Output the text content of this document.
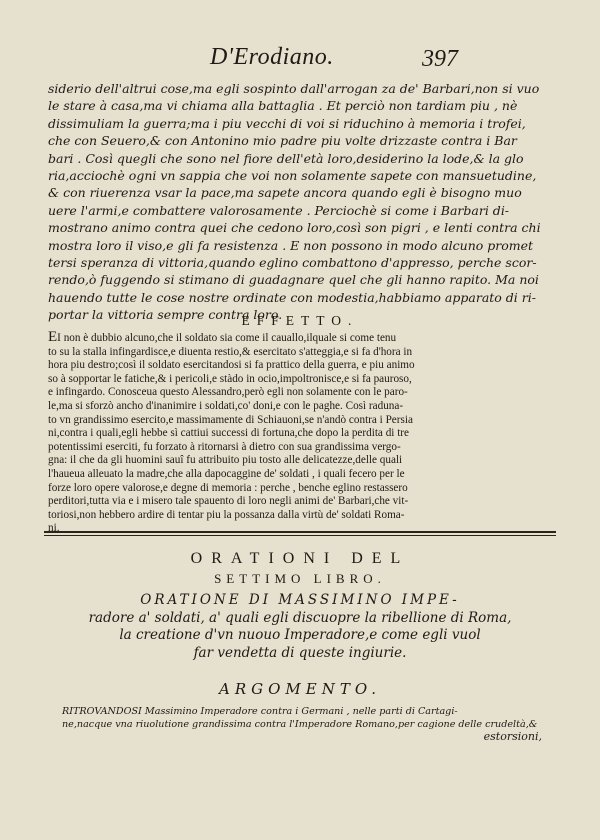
D'Erodiano.	397

siderio dell'altrui cose,ma egli sospinto dall'arrogan za de' Barbari,non si vuo

le stare à casa,ma vi chiama alla battaglia . Et perciò non tardiam piu , nè

dissimuliam la guerra;ma i piu vecchi di voi si riduchino à memoria i trofei,

che con Seuero,& con Antonino mio padre piu volte drizzaste contra i Bar

bari . Così quegli che sono nel fiore dell'età loro,desiderino la lode,& la glo

ria,acciochè ogni vn sappia che voi non solamente sapete con mansuetudine,

& con riuerenza vsar la pace,ma sapete ancora quando egli è bisogno muo

uere l'armi,e combattere valorosamente . Perciochè si come i Barbari di-

mostrano animo contra quei che cedono loro,così son pigri , e lenti contra chi

mostra loro il viso,e gli fa resistenza . E non possono in modo alcuno promet

tersi speranza di vittoria,quando eglino combattono d'appresso, perche scor-

rendo,ò fuggendo si stimano di guadagnare quel che gli hanno rapito. Ma noi

hauendo tutte le cose nostre ordinate con modestia,habbiamo apparato di ri-

portar la vittoria sempre contra loro.

EFFETTO.

EI non è dubbio alcuno,che il soldato sia come il cauallo,ilquale si come tenu

to su la stalla infingardisce,e diuenta restio,& esercitato s'atteggia,e si fa d'hora in

hora piu destro;così il soldato esercitandosi si fa prattico della guerra, e piu animo

so à sopportar le fatiche,& i pericoli,e stàdo in ocio,impoltronisce,e si fa pauroso,

e infingardo. Conosceua questo Alessandro,però egli non solamente con le paro-

le,ma si sforzò ancho d'inanimire i soldati,co' doni,e con le paghe. Così raduna-

to vn grandissimo esercito,e massimamente di Schiauoni,se n'andò contra i Persia

ni,contra i quali,egli hebbe sì cattiui successi di fortuna,che dopo la perdita di tre

potentissimi eserciti, fu forzato à ritornarsi à dietro con sua grandissima vergo-

gna: il che da gli huomini sauî fu attribuito piu tosto alle delicatezze,delle quali

l'haueua alleuato la madre,che alla dapocaggine de' soldati , i quali fecero per le

forze loro opere valorose,e degne di memoria : perche , benche eglino restassero

perditori,tutta via e i misero tale spauento di loro negli animi de' Barbari,che vit-

toriosi,non hebbero ardire di tentar piu la possanza dalla virtù de' soldati Roma-

ni.

ORATIONI DEL
SETTIMO LIBRO.

ORATIONE DI MASSIMINO IMPE-

radore a' soldati, a' quali egli discuopre la ribellione di Roma,

la creatione d'vn nuouo Imperadore,e come egli vuol

far vendetta di queste ingiurie.

ARGOMENTO.

RITROVANDOSI Massimino Imperadore contra i Germani , nelle parti di Cartagi-

ne,nacque vna riuolutione grandissima contra l'Imperadore Romano,per cagione delle crudeltà,&

estorsioni,
